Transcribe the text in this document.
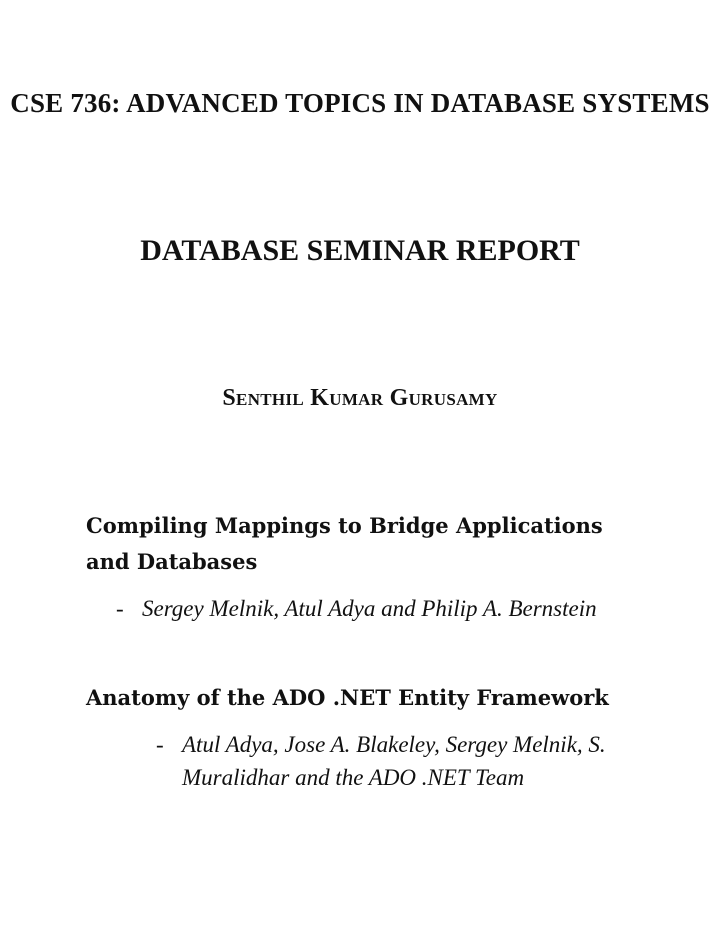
CSE 736: ADVANCED TOPICS IN DATABASE SYSTEMS
DATABASE SEMINAR REPORT
Senthil Kumar Gurusamy
Compiling Mappings to Bridge Applications and Databases
- Sergey Melnik, Atul Adya and Philip A. Bernstein
Anatomy of the ADO .NET Entity Framework
- Atul Adya, Jose A. Blakeley, Sergey Melnik, S. Muralidhar and the ADO .NET Team
